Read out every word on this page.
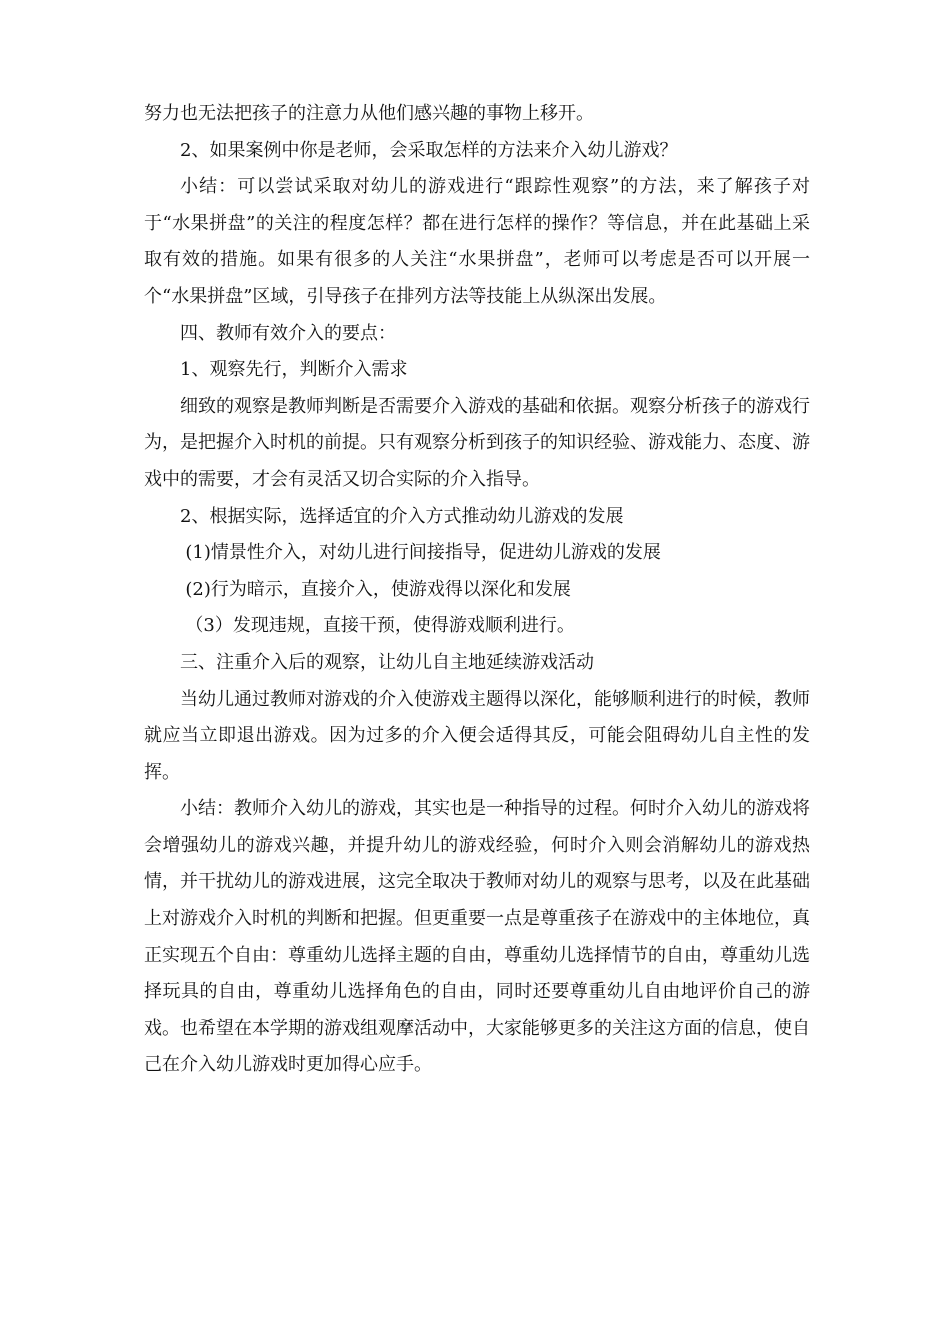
努力也无法把孩子的注意力从他们感兴趣的事物上移开。

2、如果案例中你是老师，会采取怎样的方法来介入幼儿游戏？

小结：可以尝试采取对幼儿的游戏进行“跟踪性观察”的方法，来了解孩子对于“水果拼盘”的关注的程度怎样？都在进行怎样的操作？等信息，并在此基础上采取有效的措施。如果有很多的人关注“水果拼盘”，老师可以考虑是否可以开展一个“水果拼盘”区域，引导孩子在排列方法等技能上从纵深出发展。

四、教师有效介入的要点：

1、观察先行，判断介入需求

细致的观察是教师判断是否需要介入游戏的基础和依据。观察分析孩子的游戏行为，是把握介入时机的前提。只有观察分析到孩子的知识经验、游戏能力、态度、游戏中的需要，才会有灵活又切合实际的介入指导。

2、根据实际，选择适宜的介入方式推动幼儿游戏的发展

(1)情景性介入，对幼儿进行间接指导，促进幼儿游戏的发展

(2)行为暗示，直接介入，使游戏得以深化和发展

（3）发现违规，直接干预，使得游戏顺利进行。

三、注重介入后的观察，让幼儿自主地延续游戏活动

当幼儿通过教师对游戏的介入使游戏主题得以深化，能够顺利进行的时候，教师就应当立即退出游戏。因为过多的介入便会适得其反，可能会阻碍幼儿自主性的发挥。

小结：教师介入幼儿的游戏，其实也是一种指导的过程。何时介入幼儿的游戏将会增强幼儿的游戏兴趣，并提升幼儿的游戏经验，何时介入则会消解幼儿的游戏热情，并干扰幼儿的游戏进展，这完全取决于教师对幼儿的观察与思考，以及在此基础上对游戏介入时机的判断和把握。但更重要一点是尊重孩子在游戏中的主体地位，真正实现五个自由：尊重幼儿选择主题的自由，尊重幼儿选择情节的自由，尊重幼儿选择玩具的自由，尊重幼儿选择角色的自由，同时还要尊重幼儿自由地评价自己的游戏。也希望在本学期的游戏组观摩活动中，大家能够更多的关注这方面的信息，使自己在介入幼儿游戏时更加得心应手。
